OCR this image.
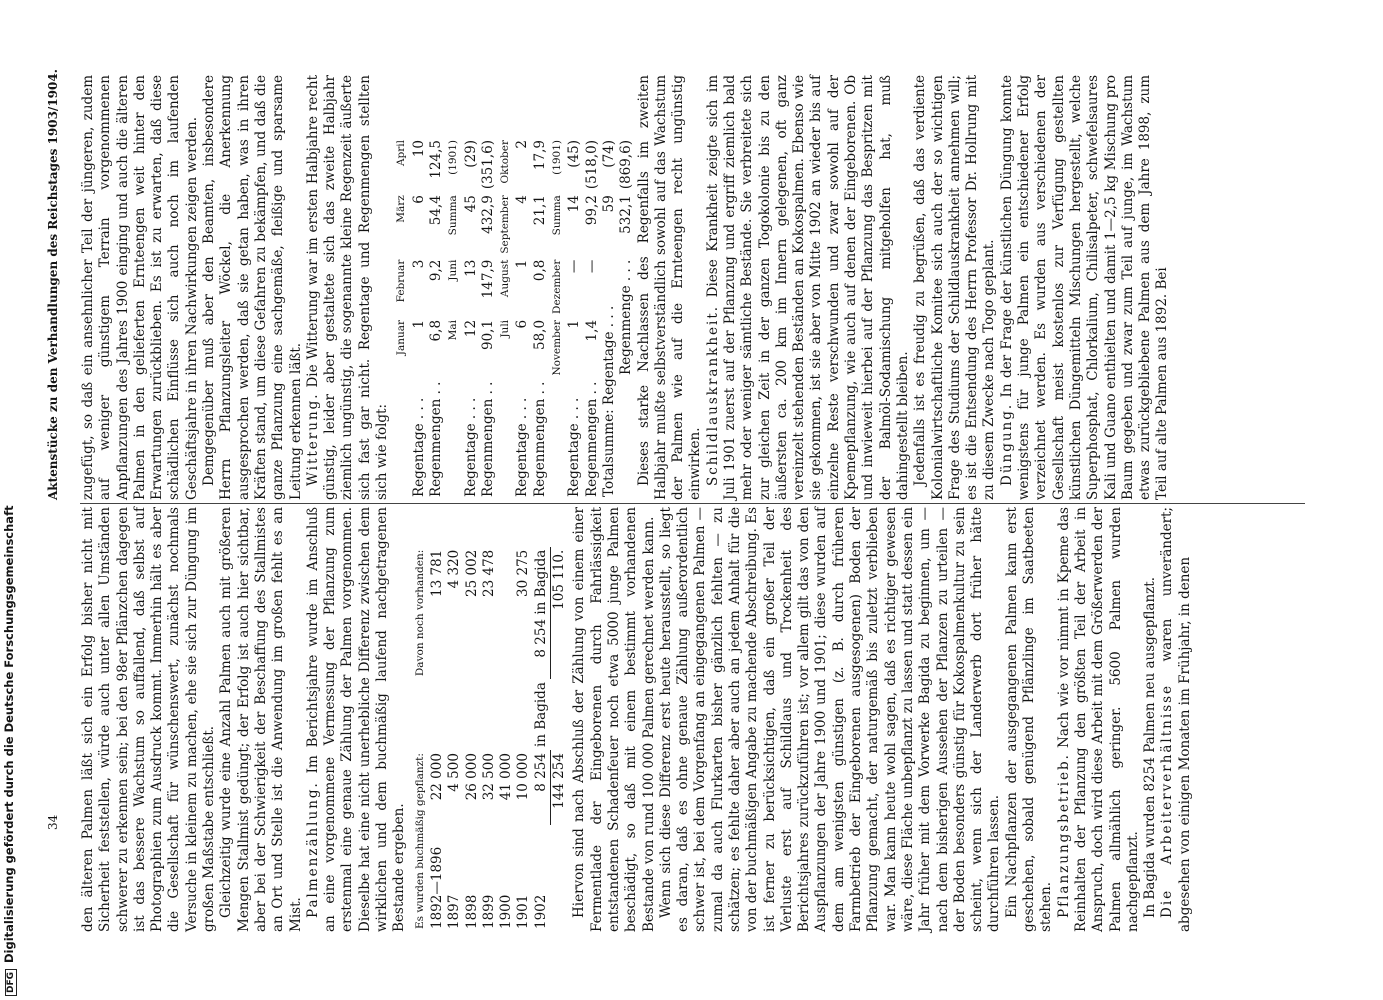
DFGDigitalisierung gefördert durch die Deutsche Forschungsgemeinschaft

zugefügt, so daß ein ansehnlicher Teil der jüngeren, zudem auf weniger günstigem Terrain vorgenommenen Anpflanzungen des Jahres 1900 einging und auch die älteren Palmen in den gelieferten Ernteengen weit hinter den Erwartungen zurückblieben. Es ist zu erwarten, daß diese schädlichen Einflüsse sich auch noch im laufenden Geschäftsjahre in ihren Nachwirkungen zeigen werden. Demgegenüber muß aber den Beamten, insbesondere Herrn Pflanzungsleiter Wöckel, die Anerkennung ausgesprochen werden, daß sie getan haben, was in ihren Kräften stand, um diese Gefahren zu bekämpfen, und daß die ganze Pflanzung eine sachgemäße, fleißige und sparsame Leitung erkennen läßt. Witterung. Die Witterung war im ersten Halbjahre recht günstig, leider aber gestaltete sich das zweite Halbjahr ziemlich ungünstig, die sogenannte kleine Regenzeit äußerte sich fast gar nicht. Regentage und Regenmengen stellten sich wie folgt:

	Januar	Februar	März	April
Regentage . . .	1	3	6	10
Regenmengen . .	6,8	9,2	54,4	124,5
	Mai	Juni	Summa	(1901)
Regentage . . .	12	13	45	(29)
Regenmengen . .	90,1	147,9	432,9	(351,6)
	Juli	August	September	Oktober
Regentage . . .	6	1	4	2
Regenmengen . .	58,0	0,8	21,1	17,9
	November	Dezember	Summa	(1901)
Regentage . . .	1	—	14	(45)
Regenmengen . .	1,4	—	99,2	(518,0)
Totalsumme: Regentage . . .			59	(74)
Regenmenge . . .			532,1	(869,6) Dieses starke Nachlassen des Regenfalls im zweiten Halbjahr mußte selbstverständlich sowohl auf das Wachstum der Palmen wie auf die Ernteengen recht ungünstig einwirken. Schildlauskrankheit. Diese Krankheit zeigte sich im Juli 1901 zuerst auf der Pflanzung und ergriff ziemlich bald mehr oder weniger sämtliche Bestände. Sie verbreitete sich zur gleichen Zeit in der ganzen Togokolonie bis zu den äußersten ca. 200 km im Innern gelegenen, oft ganz vereinzelt stehenden Beständen an Kokospalmen. Ebenso wie sie gekommen, ist sie aber von Mitte 1902 an wieder bis auf einzelne Reste verschwunden und zwar sowohl auf der Kpemepflanzung, wie auch auf denen der Eingeborenen. Ob und inwieweit hierbei auf der Pflanzung das Bespritzen mit der Balmöl-Sodamischung mitgeholfen hat, muß dahingestellt bleiben. Jedenfalls ist es freudig zu begrüßen, daß das verdiente Kolonialwirtschaftliche Komitee sich auch der so wichtigen Frage des Studiums der Schildlauskrankheit annehmen will; es ist die Entsendung des Herrn Professor Dr. Hollrung mit zu diesem Zwecke nach Togo geplant. Düngung. In der Frage der künstlichen Düngung konnte wenigstens für junge Palmen ein entschiedener Erfolg verzeichnet werden. Es wurden aus verschiedenen der Gesellschaft meist kostenlos zur Verfügung gestellten künstlichen Düngemitteln Mischungen hergestellt, welche Superphosphat, Chlorkalium, Chilisalpeter, schwefelsaures Kali und Guano enthielten und damit 1—2,5 kg Mischung pro Baum gegeben und zwar zum Teil auf junge, im Wachstum etwas zurückgebliebene Palmen aus dem Jahre 1898, zum Teil auf alte Palmen aus 1892. Bei

den älteren Palmen läßt sich ein Erfolg bisher nicht mit Sicherheit feststellen, würde auch unter allen Umständen schwerer zu erkennen sein; bei den 98er Pflänzchen dagegen ist das bessere Wachstum so auffallend, daß selbst auf Photographien zum Ausdruck kommt. Immerhin hält es aber die Gesellschaft für wünschenswert, zunächst nochmals Versuche in kleinem zu machen, ehe sie sich zur Düngung im großen Maßstabe entschließt. Gleichzeitig wurde eine Anzahl Palmen auch mit größeren Mengen Stallmist gedüngt; der Erfolg ist auch hier sichtbar, aber bei der Schwierigkeit der Beschaffung des Stallmistes an Ort und Stelle ist die Anwendung im großen fehlt es an Mist. Palmenzählung. Im Berichtsjahre wurde im Anschluß an eine vorgenommene Vermessung der Pflanzung zum erstenmal eine genaue Zählung der Palmen vorgenommen. Dieselbe hat eine nicht unerhebliche Differenz zwischen dem wirklichen und dem buchmäßig laufend nachgetragenen Bestande ergeben. Es wurden buchmäßig gepflanzt:			Davon noch vorhanden:
1892—1896	22 000		13 781
1897	4 500		4 320
1898	26 000		25 002
1899	32 500		23 478
1900	41 000		
1901	10 000		30 275
1902	8 254	in Bagida	8 254 in Bagida
	144 254		105 110. Hiervon sind nach Abschluß der Zählung von einem einer Fermentlade der Eingeborenen durch Fahrlässigkeit entstandenen Schadenfeuer noch etwa 5000 junge Palmen beschädigt, so daß mit einem bestimmt vorhandenen Bestande von rund 100 000 Palmen gerechnet werden kann. Wenn sich diese Differenz erst heute herausstellt, so liegt es daran, daß es ohne genaue Zählung außerordentlich schwer ist, bei dem Vorgenfang an eingegangenen Palmen — zumal da auch Flurkarten bisher gänzlich fehlten — zu schätzen; es fehlte daher aber auch an jedem Anhalt für die von der buchmäßigen Angabe zu machende Abschreibung. Es ist ferner zu berücksichtigen, daß ein großer Teil der Verluste erst auf Schildlaus und Trockenheit des Berichtsjahres zurückzuführen ist; vor allem gilt das von den Auspflanzungen der Jahre 1900 und 1901; diese wurden auf dem am wenigsten günstigen (z. B. durch früheren Farmbetrieb der Eingeborenen ausgesogenen) Boden der Pflanzung gemacht, der naturgemäß bis zuletzt verblieben war. Man kann heute wohl sagen, daß es richtiger gewesen wäre, diese Fläche unbepflanzt zu lassen und statt dessen ein Jahr früher mit dem Vorwerke Bagida zu beginnen, um — nach dem bisherigen Aussehen der Pflanzen zu urteilen — der Boden besonders günstig für Kokospalmenkultur zu sein scheint, wenn sich der Landerwerb dort früher hätte durchführen lassen. Ein Nachpflanzen der ausgegangenen Palmen kann erst geschehen, sobald genügend Pflänzlinge im Saatbeeten stehen. Pflanzungsbetrieb. Nach wie vor nimmt in Kpeme das Reinhalten der Pflanzung den größten Teil der Arbeit in Anspruch, doch wird diese Arbeit mit dem Größerwerden der Palmen allmählich geringer. 5600 Palmen wurden nachgepflanzt. In Bagida wurden 8254 Palmen neu ausgepflanzt. Die Arbeiterverhältnisse waren unverändert; abgesehen von einigen Monaten im Frühjahr, in denen

Aktenstücke zu den Verhandlungen des Reichstages 1903/1904.
34
